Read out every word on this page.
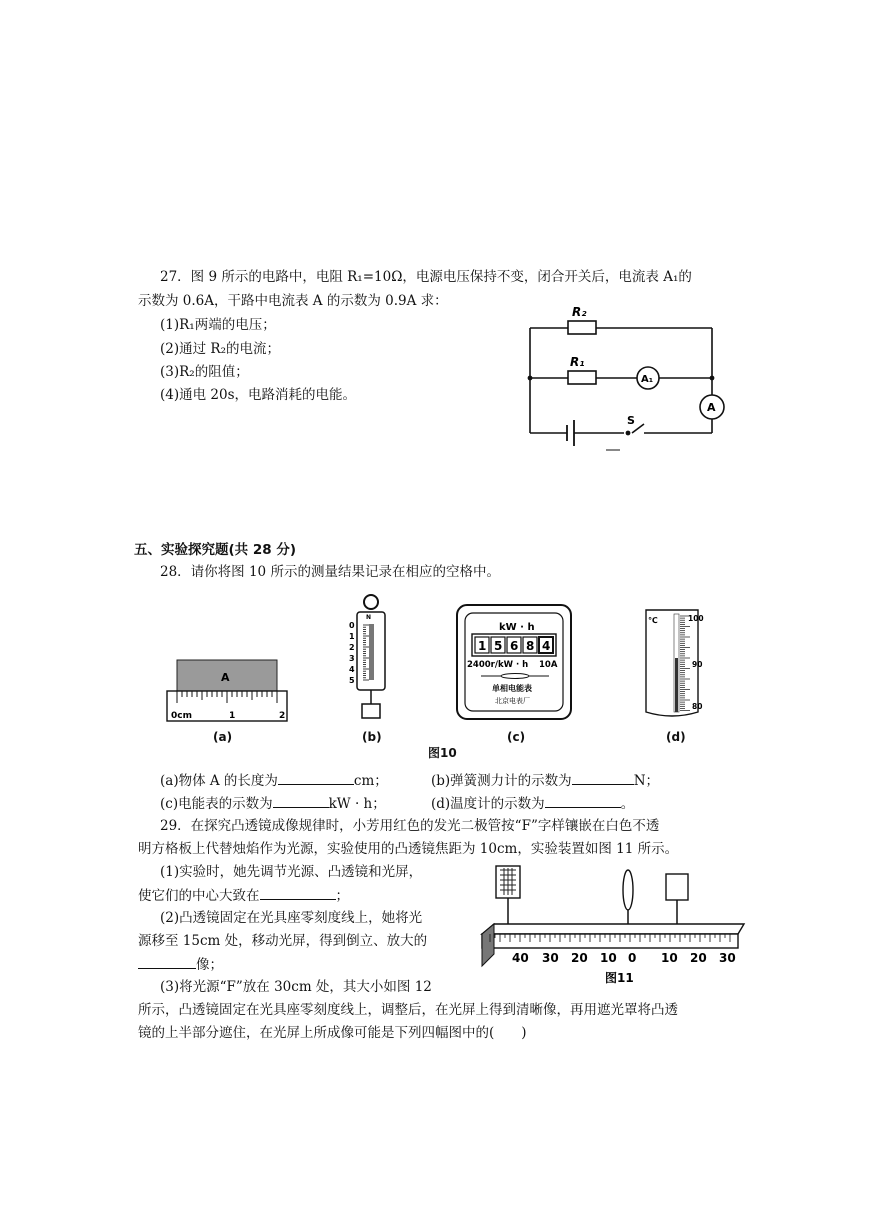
27．图 9 所示的电路中，电阻 R₁=10Ω，电源电压保持不变，闭合开关后，电流表 A₁的
示数为 0.6A，干路中电流表 A 的示数为 0.9A 求：
(1)R₁两端的电压；
(2)通过 R₂的电流；
(3)R₂的阻值；
(4)通电 20s，电路消耗的电能。
R₂
R₁
A₁
A
S
五、实验探究题(共 28 分)
28．请你将图 10 所示的测量结果记录在相应的空格中。
A
0cm	1	2
N
0
1
2
3
4
5
kW · h
1 5 6 8 4
2400r/kW · h 10A
单相电能表
北京电表厂
℃	100
90
80
(a)	(b)	(c)	(d)
图10
(a)物体 A 的长度为	cm；	(b)弹簧测力计的示数为	N；
(c)电能表的示数为	kW · h；	(d)温度计的示数为	。
29．在探究凸透镜成像规律时，小芳用红色的发光二极管按“F”字样镶嵌在白色不透
明方格板上代替烛焰作为光源，实验使用的凸透镜焦距为 10cm，实验装置如图 11 所示。
(1)实验时，她先调节光源、凸透镜和光屏，
使它们的中心大致在	；
(2)凸透镜固定在光具座零刻度线上，她将光
源移至 15cm 处，移动光屏，得到倒立、放大的
像；
(3)将光源“F”放在 30cm 处，其大小如图 12
所示，凸透镜固定在光具座零刻度线上，调整后，在光屏上得到清晰像，再用遮光罩将凸透
镜的上半部分遮住，在光屏上所成像可能是下列四幅图中的(　　)
40 30 20 10 0 10 20 30
图11
